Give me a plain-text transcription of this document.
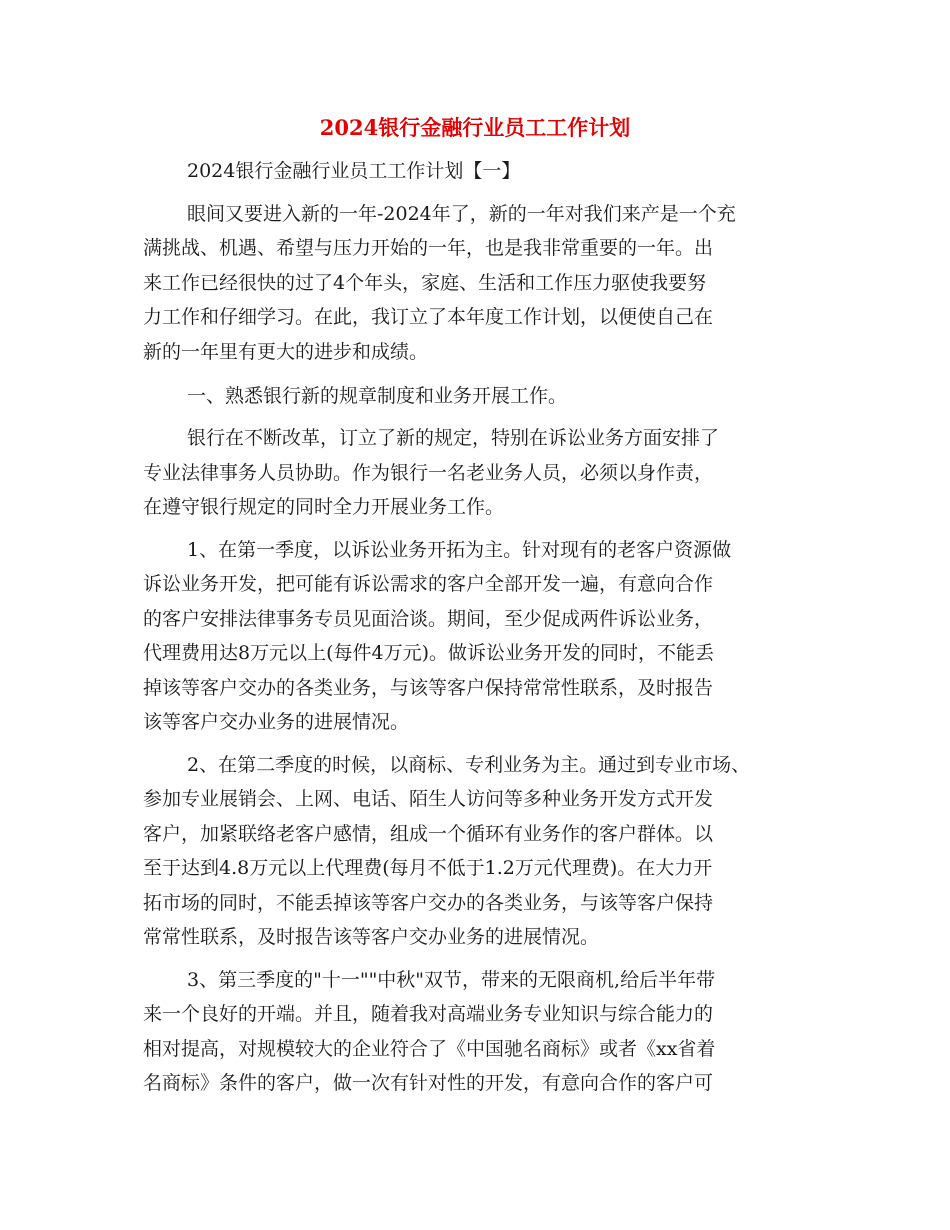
2024银行金融行业员工工作计划

2024银行金融行业员工工作计划【一】

眼间又要进入新的一年-2024年了，新的一年对我们来产是一个充

满挑战、机遇、希望与压力开始的一年，也是我非常重要的一年。出

来工作已经很快的过了4个年头，家庭、生活和工作压力驱使我要努

力工作和仔细学习。在此，我订立了本年度工作计划，以便使自己在

新的一年里有更大的进步和成绩。

一、熟悉银行新的规章制度和业务开展工作。

银行在不断改革，订立了新的规定，特别在诉讼业务方面安排了

专业法律事务人员协助。作为银行一名老业务人员，必须以身作责，

在遵守银行规定的同时全力开展业务工作。

1、在第一季度，以诉讼业务开拓为主。针对现有的老客户资源做

诉讼业务开发，把可能有诉讼需求的客户全部开发一遍，有意向合作

的客户安排法律事务专员见面洽谈。期间，至少促成两件诉讼业务，

代理费用达8万元以上(每件4万元)。做诉讼业务开发的同时，不能丢

掉该等客户交办的各类业务，与该等客户保持常常性联系，及时报告

该等客户交办业务的进展情况。

2、在第二季度的时候，以商标、专利业务为主。通过到专业市场、

参加专业展销会、上网、电话、陌生人访问等多种业务开发方式开发

客户，加紧联络老客户感情，组成一个循环有业务作的客户群体。以

至于达到4.8万元以上代理费(每月不低于1.2万元代理费)。在大力开

拓市场的同时，不能丢掉该等客户交办的各类业务，与该等客户保持

常常性联系，及时报告该等客户交办业务的进展情况。

3、第三季度的"十一""中秋"双节，带来的无限商机,给后半年带

来一个良好的开端。并且，随着我对高端业务专业知识与综合能力的

相对提高，对规模较大的企业符合了《中国驰名商标》或者《xx省着

名商标》条件的客户，做一次有针对性的开发，有意向合作的客户可
